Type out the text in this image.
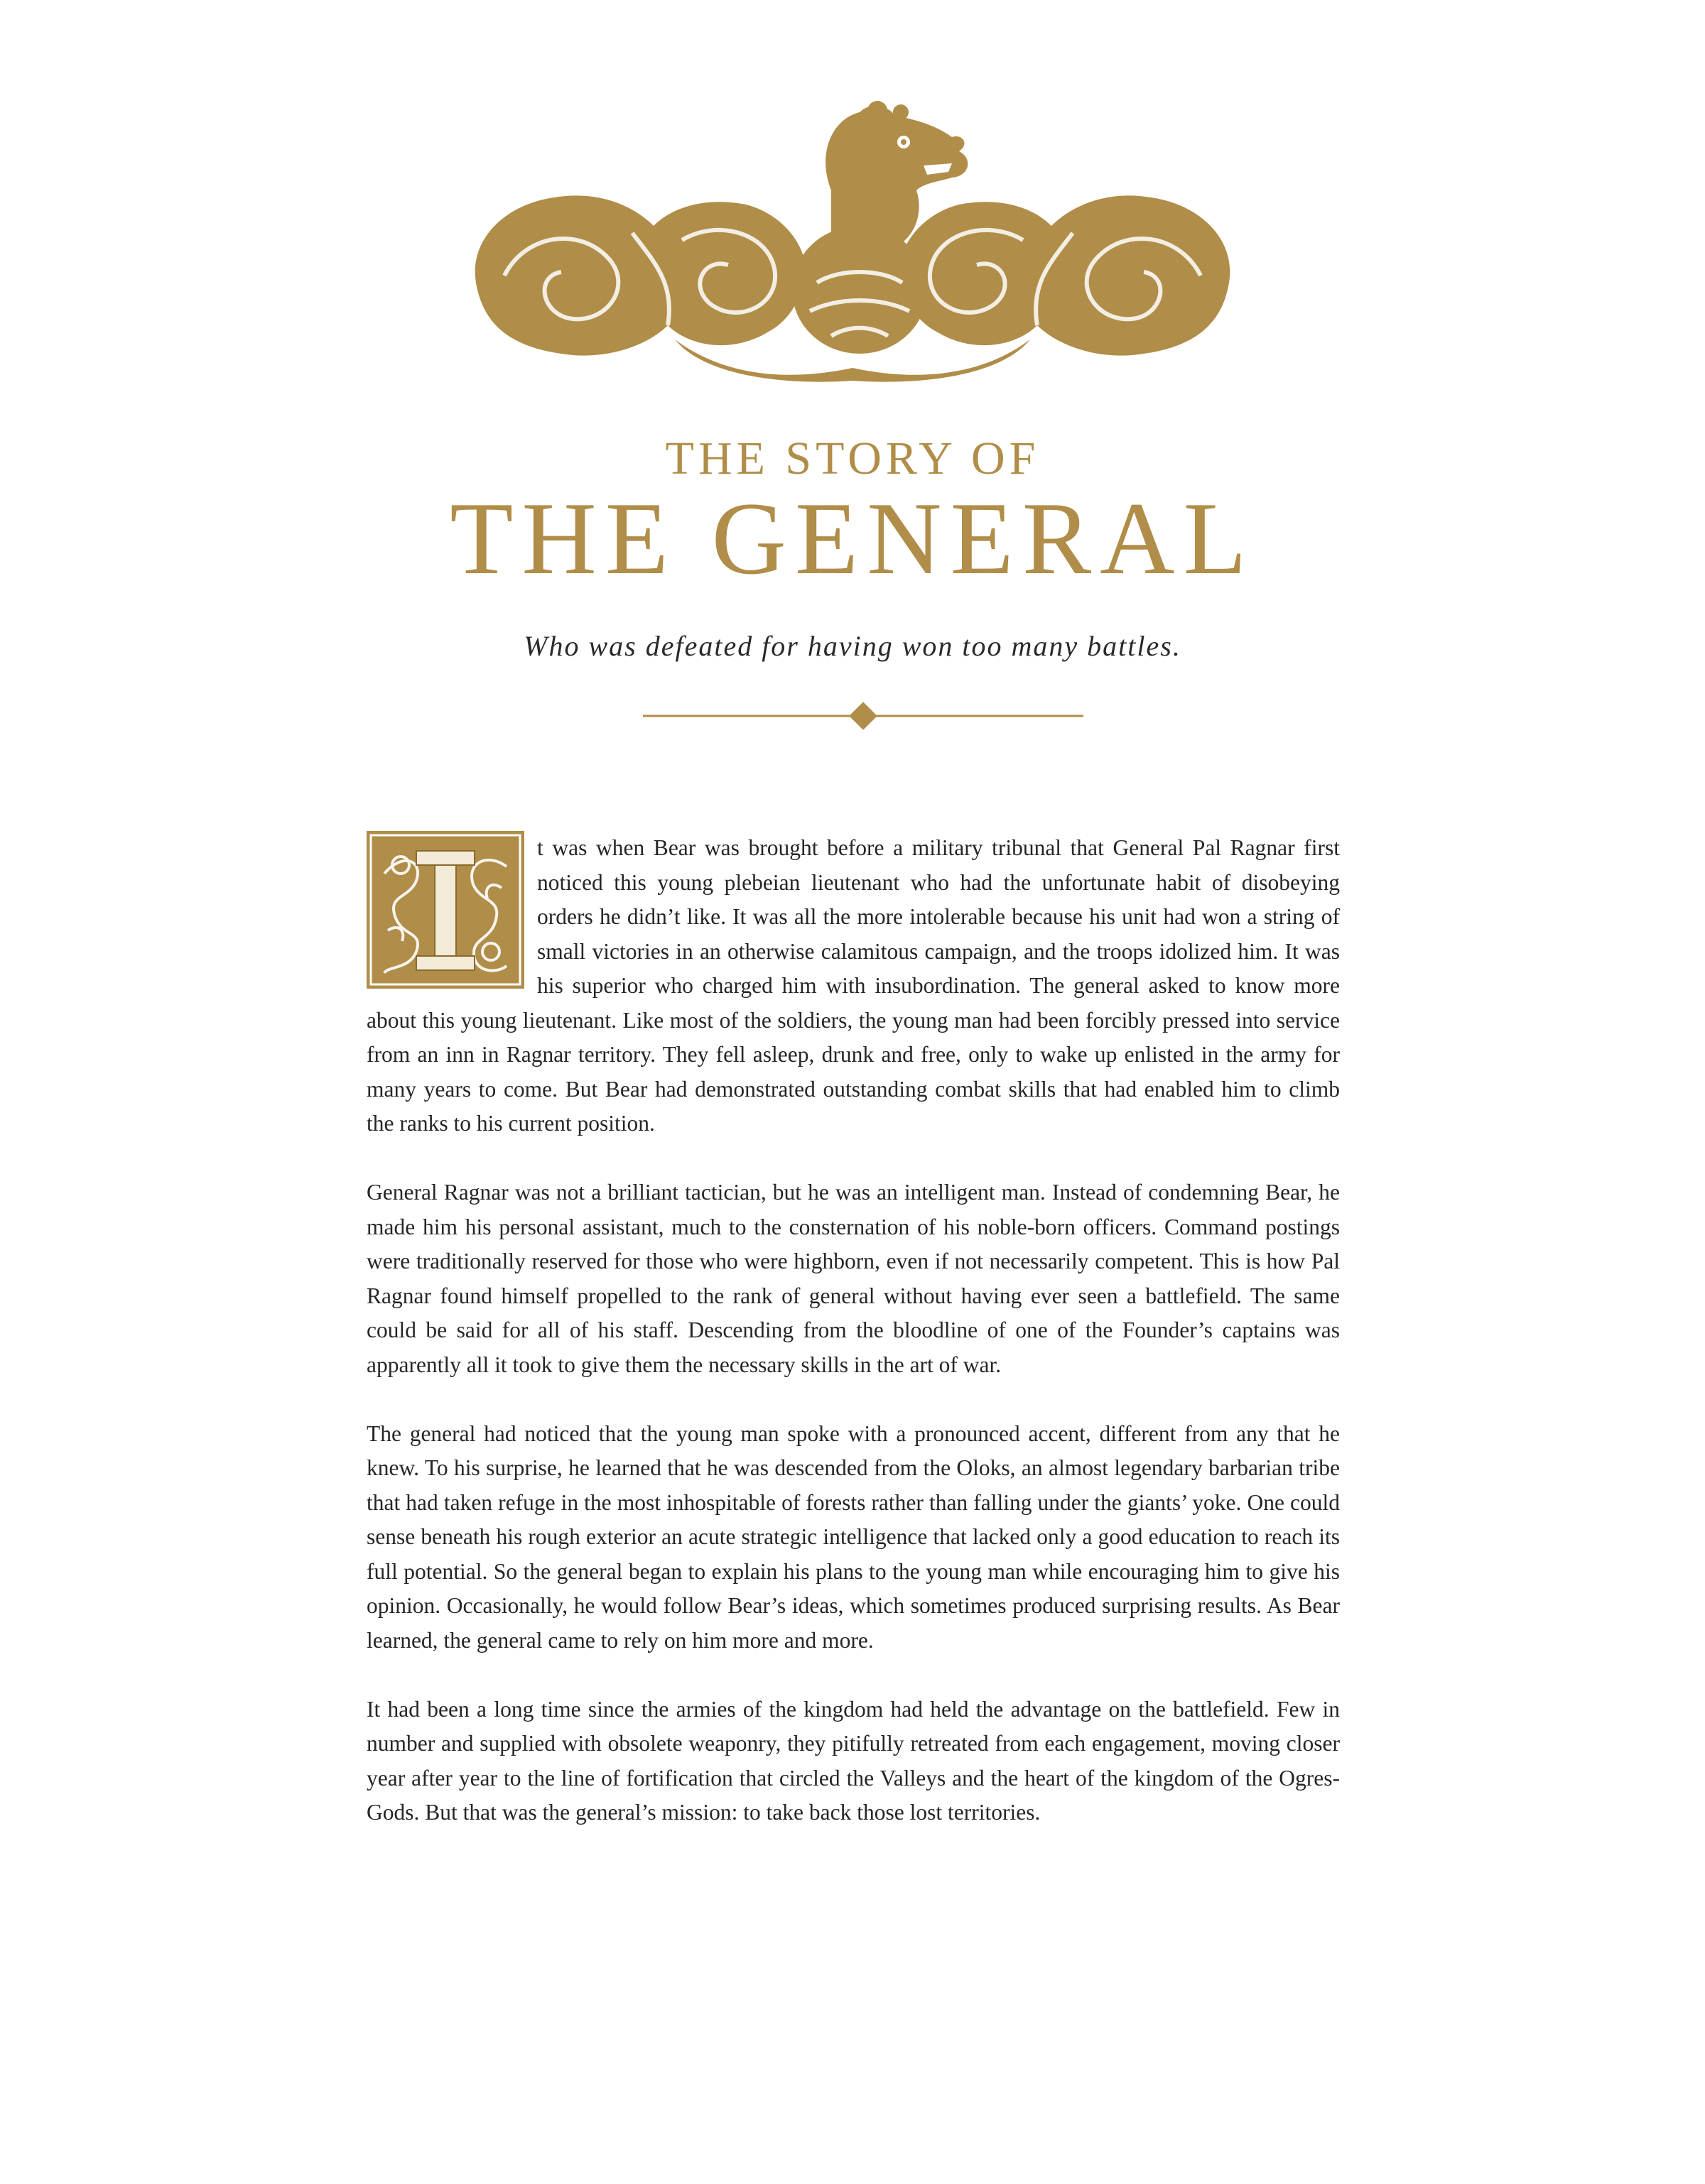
THE STORY OF
THE GENERAL
Who was defeated for having won too many battles.

I
t was when Bear was brought before a military tribunal that General Pal Ragnar first noticed this young plebeian lieutenant who had the unfortunate habit of disobeying orders he didn’t like. It was all the more intolerable because his unit had won a string of small victories in an otherwise calamitous campaign, and the troops idolized him. It was his superior who charged him with insubordination. The general asked to know more about this young lieutenant. Like most of the soldiers, the young man had been forcibly pressed into service from an inn in Ragnar territory. They fell asleep, drunk and free, only to wake up enlisted in the army for many years to come. But Bear had demonstrated outstanding combat skills that had enabled him to climb the ranks to his current position.

General Ragnar was not a brilliant tactician, but he was an intelligent man. Instead of condemning Bear, he made him his personal assistant, much to the consternation of his noble-born officers. Command postings were traditionally reserved for those who were highborn, even if not necessarily competent. This is how Pal Ragnar found himself propelled to the rank of general without having ever seen a battlefield. The same could be said for all of his staff. Descending from the bloodline of one of the Founder’s captains was apparently all it took to give them the necessary skills in the art of war.

The general had noticed that the young man spoke with a pronounced accent, different from any that he knew. To his surprise, he learned that he was descended from the Oloks, an almost legendary barbarian tribe that had taken refuge in the most inhospitable of forests rather than falling under the giants’ yoke. One could sense beneath his rough exterior an acute strategic intelligence that lacked only a good education to reach its full potential. So the general began to explain his plans to the young man while encouraging him to give his opinion. Occasionally, he would follow Bear’s ideas, which sometimes produced surprising results. As Bear learned, the general came to rely on him more and more.

It had been a long time since the armies of the kingdom had held the advantage on the battlefield. Few in number and supplied with obsolete weaponry, they pitifully retreated from each engagement, moving closer year after year to the line of fortification that circled the Valleys and the heart of the kingdom of the Ogres-Gods. But that was the general’s mission: to take back those lost territories.
